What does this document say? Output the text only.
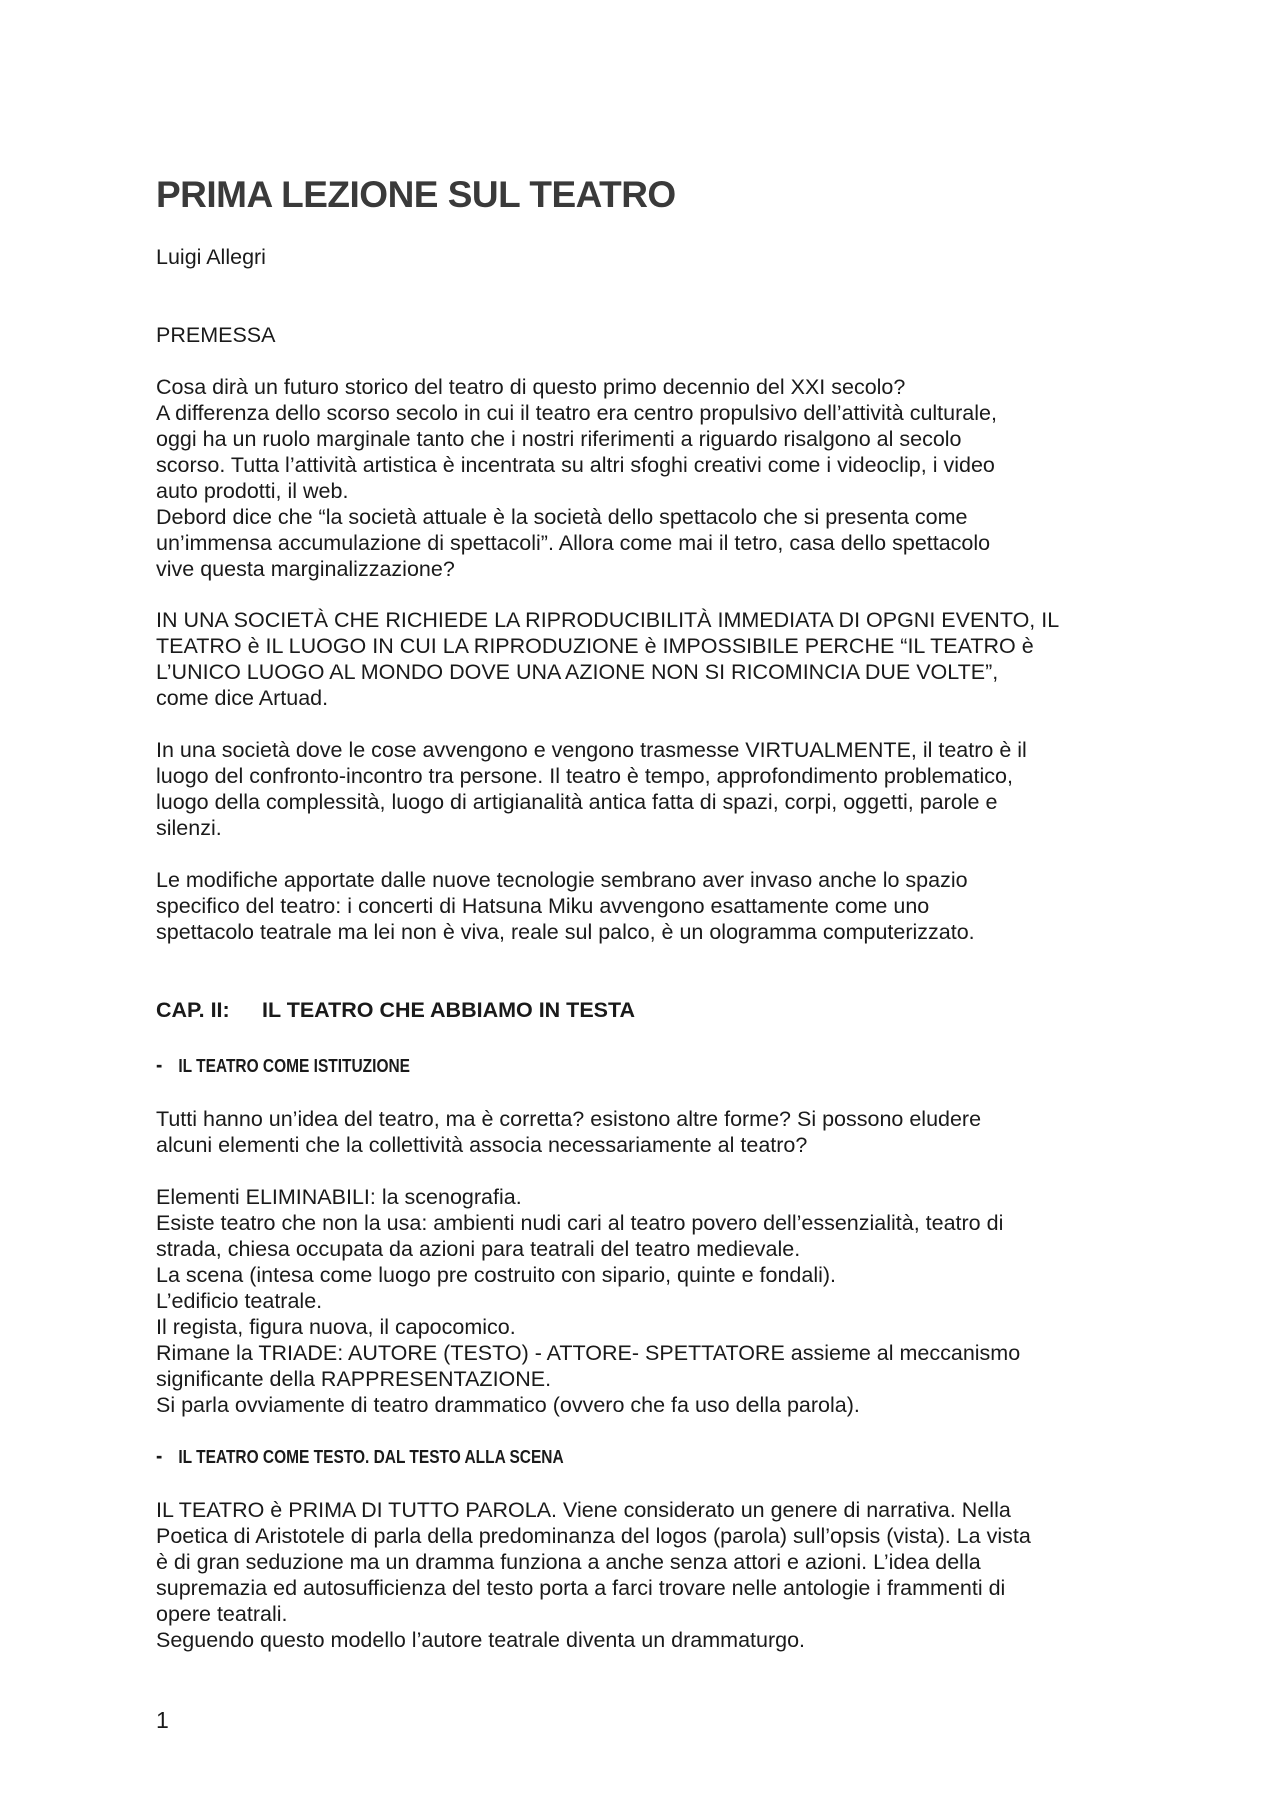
PRIMA LEZIONE SUL TEATRO
Luigi Allegri
PREMESSA
Cosa dirà un futuro storico del teatro di questo primo decennio del XXI secolo?
A differenza dello scorso secolo in cui il teatro era centro propulsivo dell’attività culturale,
oggi ha un ruolo marginale tanto che i nostri riferimenti a riguardo risalgono al secolo
scorso. Tutta l’attività artistica è incentrata su altri sfoghi creativi come i videoclip, i video
auto prodotti, il web.
Debord dice che “la società attuale è la società dello spettacolo che si presenta come
un’immensa accumulazione di spettacoli”. Allora come mai il tetro, casa dello spettacolo
vive questa marginalizzazione?
IN UNA SOCIETÀ CHE RICHIEDE LA RIPRODUCIBILITÀ IMMEDIATA DI OPGNI EVENTO, IL
TEATRO è IL LUOGO IN CUI LA RIPRODUZIONE è IMPOSSIBILE PERCHE “IL TEATRO è
L’UNICO LUOGO AL MONDO DOVE UNA AZIONE NON SI RICOMINCIA DUE VOLTE”,
come dice Artuad.
In una società dove le cose avvengono e vengono trasmesse VIRTUALMENTE, il teatro è il
luogo del confronto-incontro tra persone. Il teatro è tempo, approfondimento problematico,
luogo della complessità, luogo di artigianalità antica fatta di spazi, corpi, oggetti, parole e
silenzi.
Le modifiche apportate dalle nuove tecnologie sembrano aver invaso anche lo spazio
specifico del teatro: i concerti di Hatsuna Miku avvengono esattamente come uno
spettacolo teatrale ma lei non è viva, reale sul palco, è un ologramma computerizzato.
CAP. II: IL TEATRO CHE ABBIAMO IN TESTA
- IL TEATRO COME ISTITUZIONE
Tutti hanno un’idea del teatro, ma è corretta? esistono altre forme? Si possono eludere
alcuni elementi che la collettività associa necessariamente al teatro?
Elementi ELIMINABILI: la scenografia.
Esiste teatro che non la usa: ambienti nudi cari al teatro povero dell’essenzialità, teatro di
strada, chiesa occupata da azioni para teatrali del teatro medievale.
La scena (intesa come luogo pre costruito con sipario, quinte e fondali).
L’edificio teatrale.
Il regista, figura nuova, il capocomico.
Rimane la TRIADE: AUTORE (TESTO) - ATTORE- SPETTATORE assieme al meccanismo
significante della RAPPRESENTAZIONE.
Si parla ovviamente di teatro drammatico (ovvero che fa uso della parola).
- IL TEATRO COME TESTO. DAL TESTO ALLA SCENA
IL TEATRO è PRIMA DI TUTTO PAROLA. Viene considerato un genere di narrativa. Nella
Poetica di Aristotele di parla della predominanza del logos (parola) sull’opsis (vista). La vista
è di gran seduzione ma un dramma funziona a anche senza attori e azioni. L’idea della
supremazia ed autosufficienza del testo porta a farci trovare nelle antologie i frammenti di
opere teatrali.
Seguendo questo modello l’autore teatrale diventa un drammaturgo.
1
